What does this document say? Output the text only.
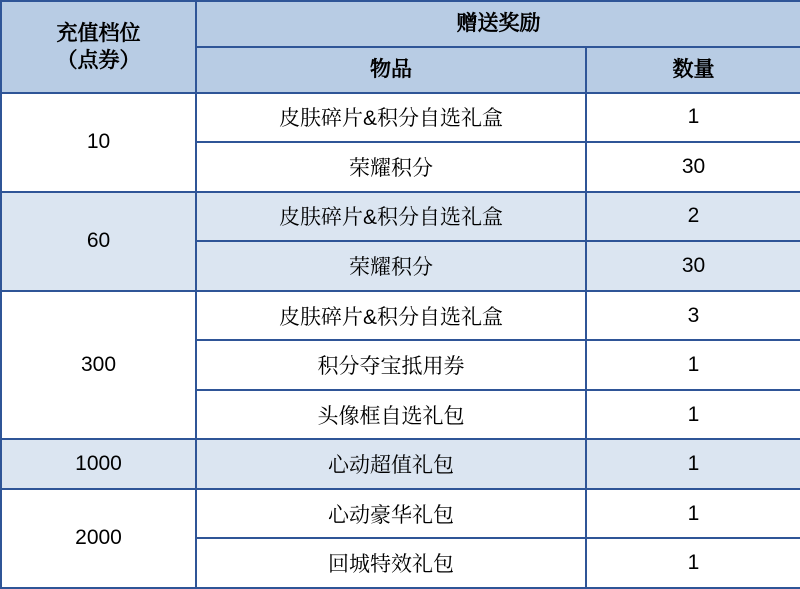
充值档位
（点券）	赠送奖励	
	物品	数量
10	皮肤碎片&积分自选礼盒	1
	荣耀积分	30
60	皮肤碎片&积分自选礼盒	2
	荣耀积分	30
300	皮肤碎片&积分自选礼盒	3
	积分夺宝抵用券	1
	头像框自选礼包	1
1000	心动超值礼包	1
2000	心动豪华礼包	1
	回城特效礼包	1
